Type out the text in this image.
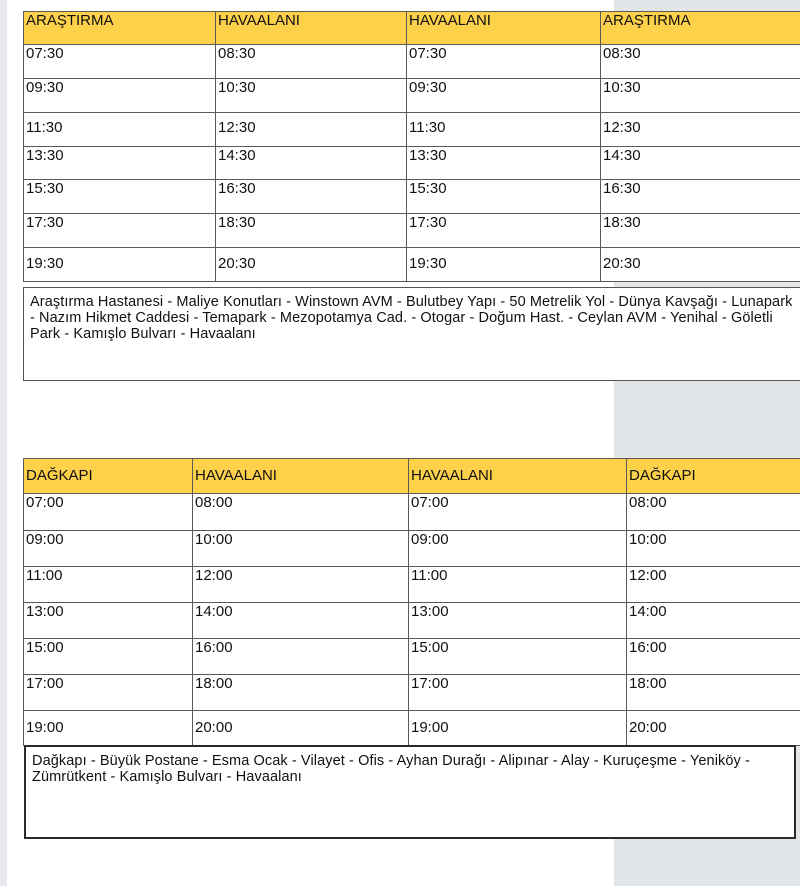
ARAŞTIRMA	HAVAALANI	HAVAALANI	ARAŞTIRMA
07:30	08:30	07:30	08:30
09:30	10:30	09:30	10:30
11:30	12:30	11:30	12:30
13:30	14:30	13:30	14:30
15:30	16:30	15:30	16:30
17:30	18:30	17:30	18:30
19:30	20:30	19:30	20:30
Araştırma Hastanesi - Maliye Konutları - Winstown AVM - Bulutbey Yapı - 50 Metrelik Yol - Dünya Kavşağı - Lunapark - Nazım Hikmet Caddesi - Temapark - Mezopotamya Cad. - Otogar - Doğum Hast. - Ceylan AVM - Yenihal - Göletli Park - Kamışlo Bulvarı - Havaalanı
DAĞKAPI	HAVAALANI	HAVAALANI	DAĞKAPI
07:00	08:00	07:00	08:00
09:00	10:00	09:00	10:00
11:00	12:00	11:00	12:00
13:00	14:00	13:00	14:00
15:00	16:00	15:00	16:00
17:00	18:00	17:00	18:00
19:00	20:00	19:00	20:00
Dağkapı - Büyük Postane - Esma Ocak - Vilayet - Ofis - Ayhan Durağı - Alipınar - Alay - Kuruçeşme - Yeniköy - Zümrütkent - Kamışlo Bulvarı - Havaalanı
